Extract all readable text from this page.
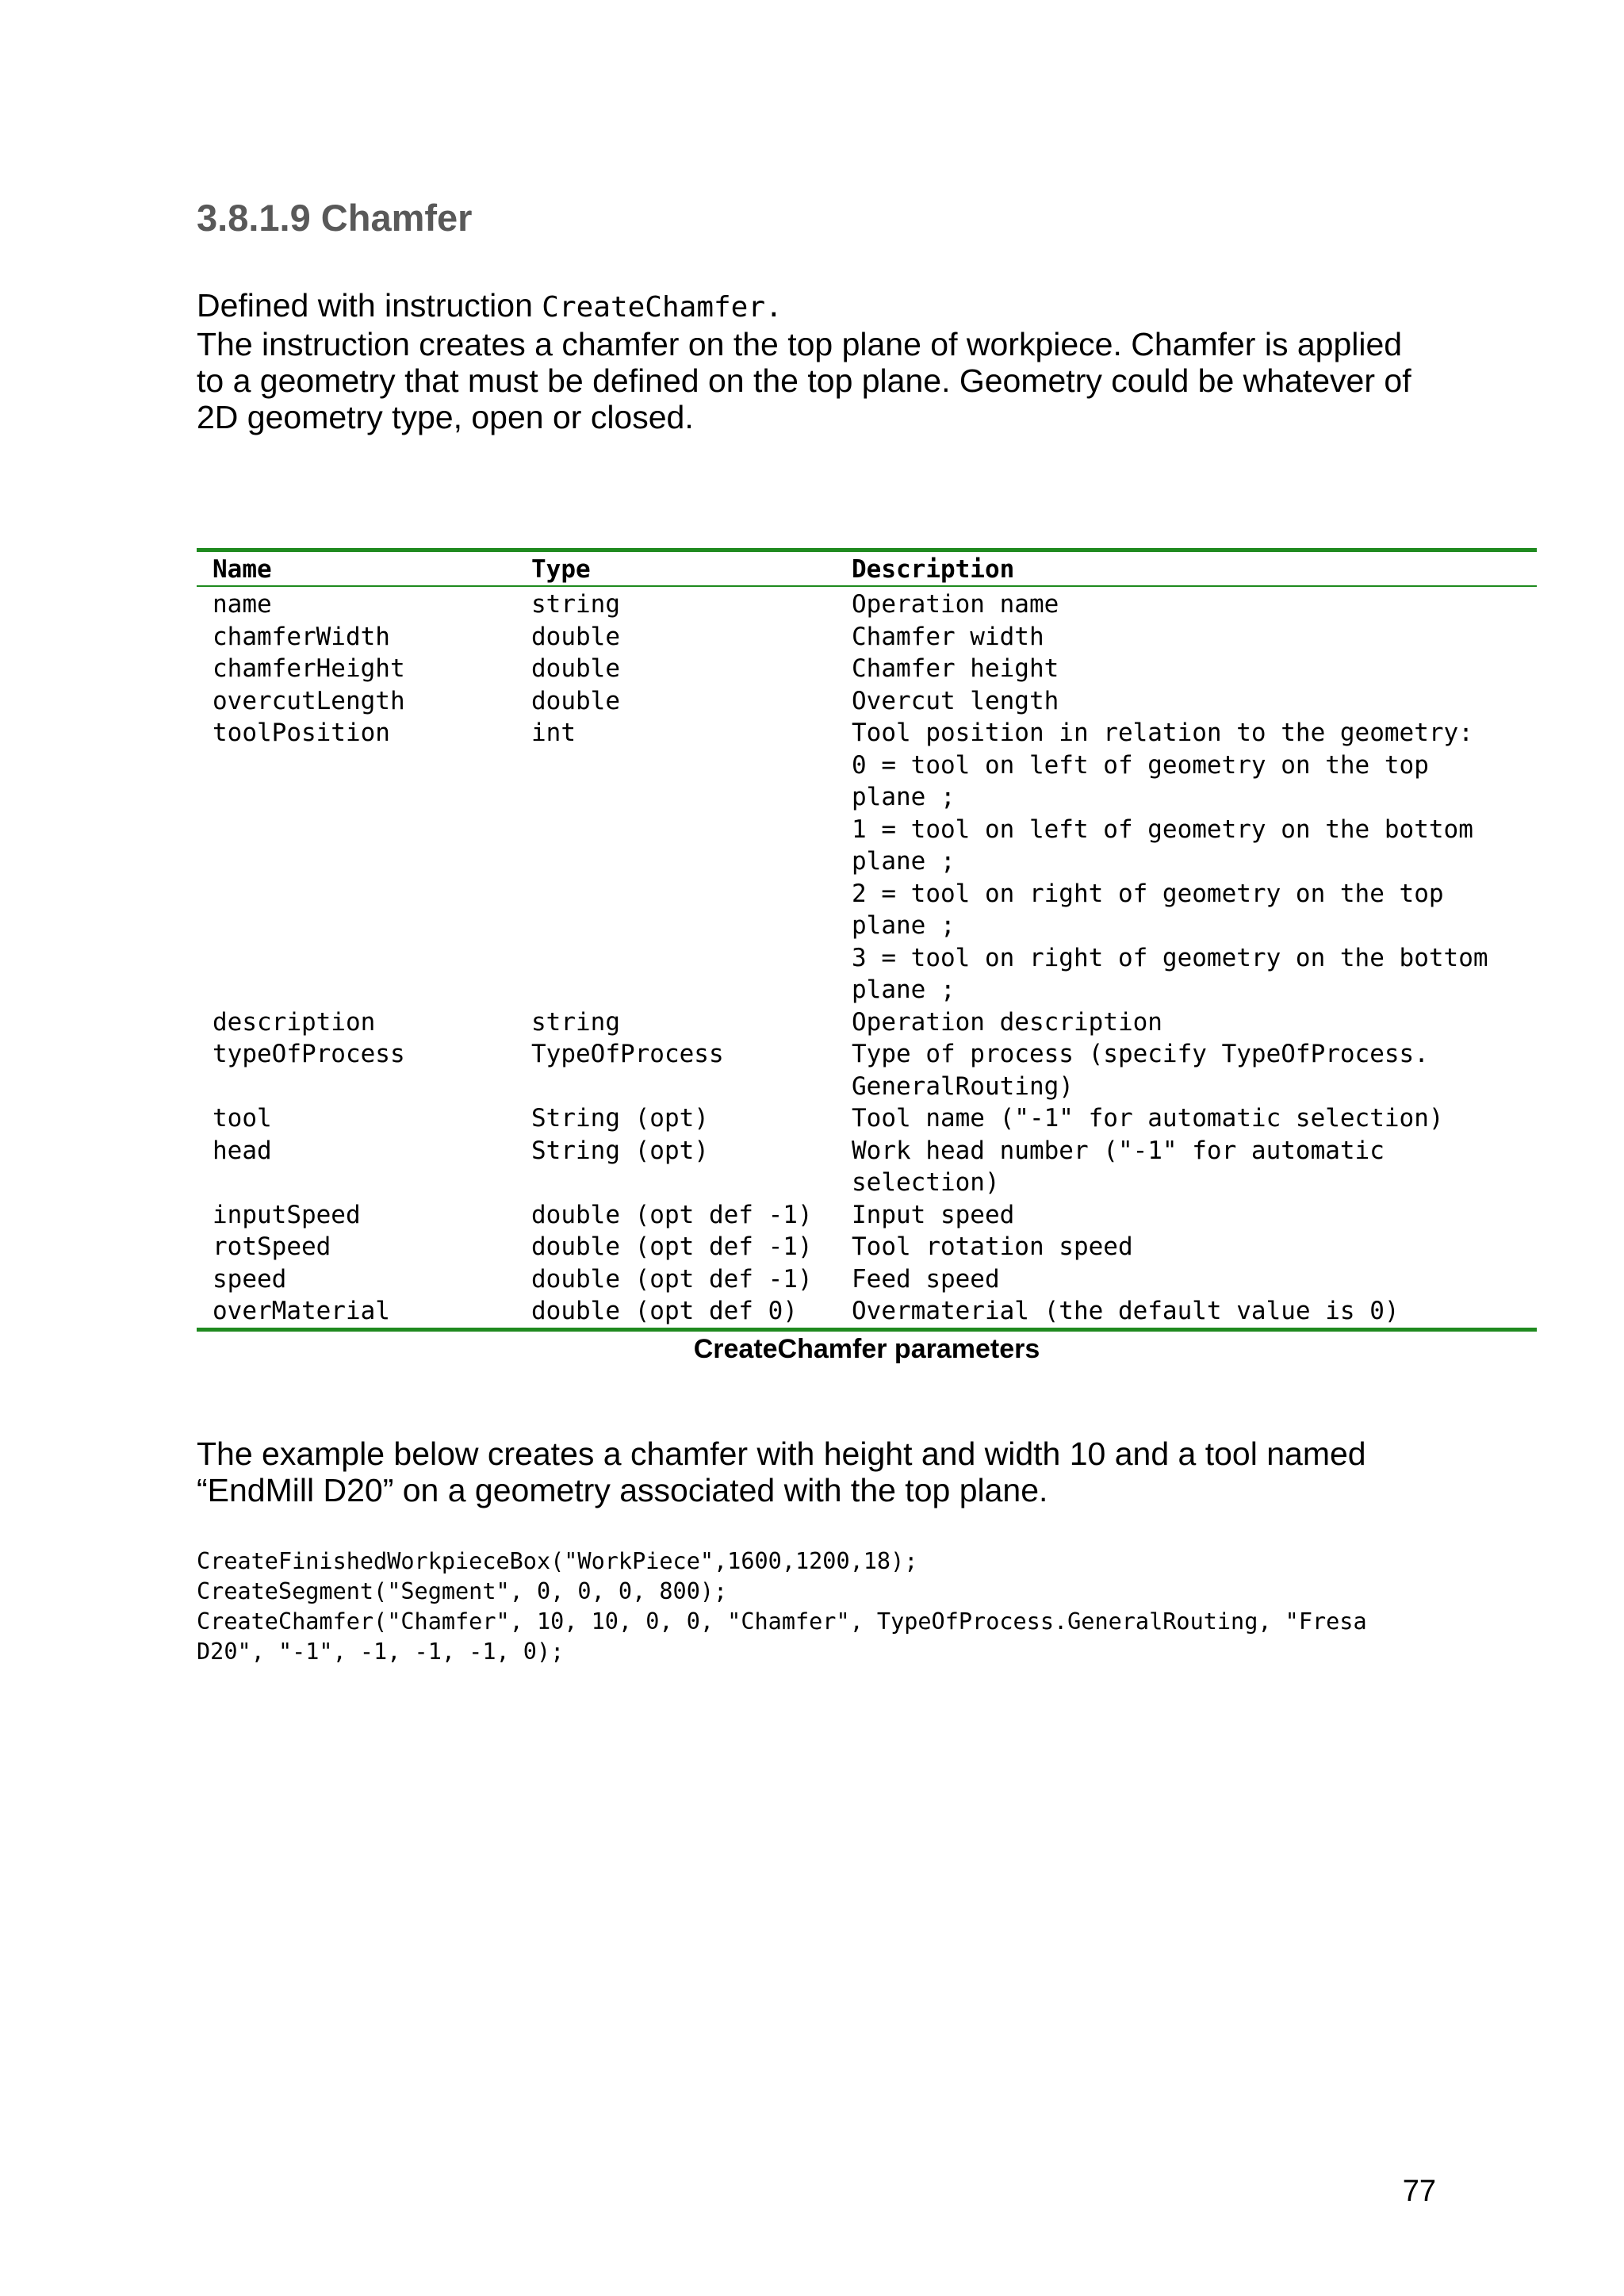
3.8.1.9 Chamfer

Defined with instruction CreateChamfer.

The instruction creates a chamfer on the top plane of workpiece. Chamfer is applied
to a geometry that must be defined on the top plane. Geometry could be whatever of
2D geometry type, open or closed.

Name	Type	Description
name	string	Operation name
chamferWidth	double	Chamfer width
chamferHeight	double	Chamfer height
overcutLength	double	Overcut length
toolPosition	int	Tool position in relation to the geometry:
0 = tool on left of geometry on the top
plane ;
1 = tool on left of geometry on the bottom
plane ;
2 = tool on right of geometry on the top
plane ;
3 = tool on right of geometry on the bottom
plane ;
description	string	Operation description
typeOfProcess	TypeOfProcess	Type of process (specify TypeOfProcess.
GeneralRouting)
tool	String (opt)	Tool name ("-1" for automatic selection)
head	String (opt)	Work head number ("-1" for automatic
selection)
inputSpeed	double (opt def -1)	Input speed
rotSpeed	double (opt def -1)	Tool rotation speed
speed	double (opt def -1)	Feed speed
overMaterial	double (opt def 0)	Overmaterial (the default value is 0)
CreateChamfer parameters

The example below creates a chamfer with height and width 10 and a tool named
“EndMill D20” on a geometry associated with the top plane.

CreateFinishedWorkpieceBox("WorkPiece",1600,1200,18);
CreateSegment("Segment", 0, 0, 0, 800);
CreateChamfer("Chamfer", 10, 10, 0, 0, "Chamfer", TypeOfProcess.GeneralRouting, "Fresa
D20", "-1", -1, -1, -1, 0);
77
